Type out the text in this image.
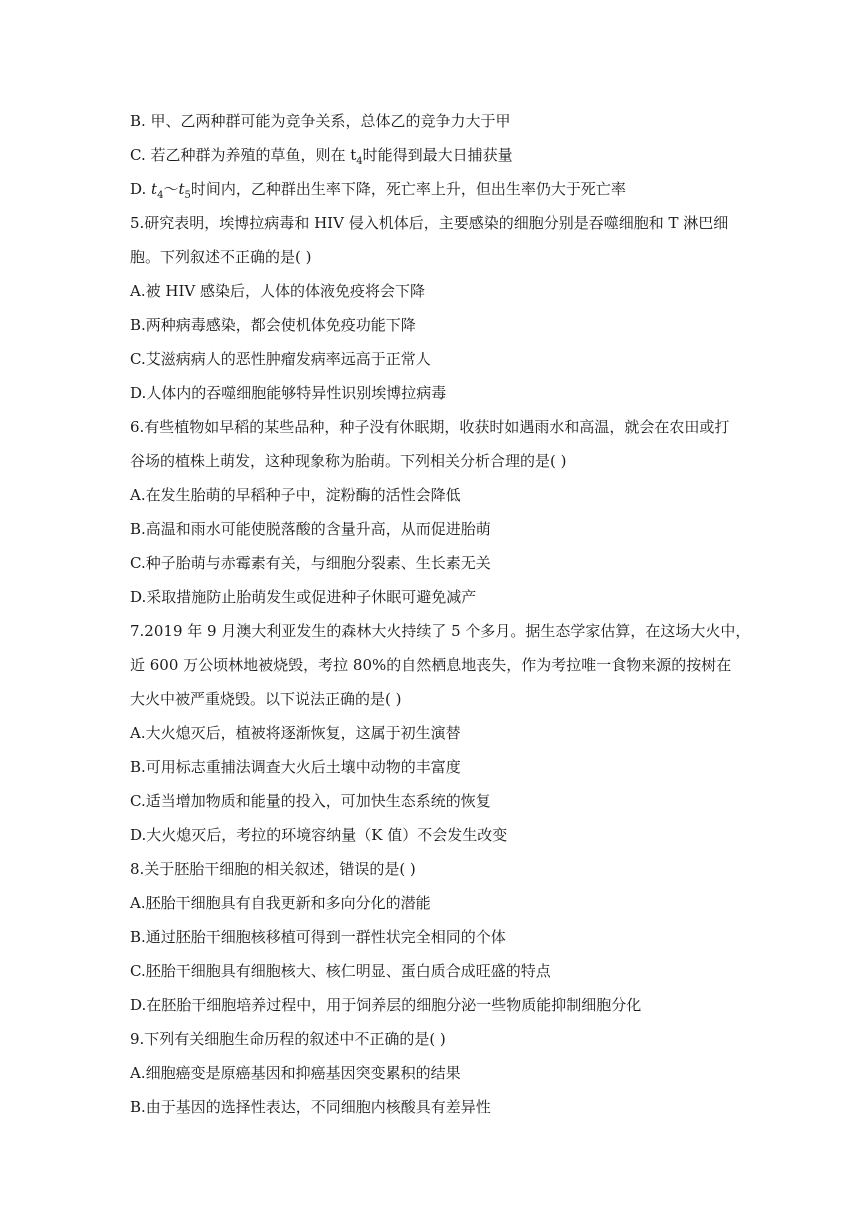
B. 甲、乙两种群可能为竞争关系，总体乙的竞争力大于甲
C. 若乙种群为养殖的草鱼，则在 $t_4$时能得到最大日捕获量
D. $t_4\sim t_5$时间内，乙种群出生率下降，死亡率上升，但出生率仍大于死亡率
5.研究表明，埃博拉病毒和 HIV 侵入机体后，主要感染的细胞分别是吞噬细胞和 T 淋巴细
胞。下列叙述不正确的是( )
A.被 HIV 感染后，人体的体液免疫将会下降
B.两种病毒感染，都会使机体免疫功能下降
C.艾滋病病人的恶性肿瘤发病率远高于正常人
D.人体内的吞噬细胞能够特异性识别埃博拉病毒
6.有些植物如早稻的某些品种，种子没有休眠期，收获时如遇雨水和高温，就会在农田或打
谷场的植株上萌发，这种现象称为胎萌。下列相关分析合理的是( )
A.在发生胎萌的早稻种子中，淀粉酶的活性会降低
B.高温和雨水可能使脱落酸的含量升高，从而促进胎萌
C.种子胎萌与赤霉素有关，与细胞分裂素、生长素无关
D.采取措施防止胎萌发生或促进种子休眠可避免减产
7.2019 年 9 月澳大利亚发生的森林大火持续了 5 个多月。据生态学家估算，在这场大火中，
近 600 万公顷林地被烧毁，考拉 80%的自然栖息地丧失，作为考拉唯一食物来源的按树在
大火中被严重烧毁。以下说法正确的是( )
A.大火熄灭后，植被将逐渐恢复，这属于初生演替
B.可用标志重捕法调查大火后土壤中动物的丰富度
C.适当增加物质和能量的投入，可加快生态系统的恢复
D.大火熄灭后，考拉的环境容纳量（K 值）不会发生改变
8.关于胚胎干细胞的相关叙述，错误的是( )
A.胚胎干细胞具有自我更新和多向分化的潜能
B.通过胚胎干细胞核移植可得到一群性状完全相同的个体
C.胚胎干细胞具有细胞核大、核仁明显、蛋白质合成旺盛的特点
D.在胚胎干细胞培养过程中，用于饲养层的细胞分泌一些物质能抑制细胞分化
9.下列有关细胞生命历程的叙述中不正确的是( )
A.细胞癌变是原癌基因和抑癌基因突变累积的结果
B.由于基因的选择性表达，不同细胞内核酸具有差异性
